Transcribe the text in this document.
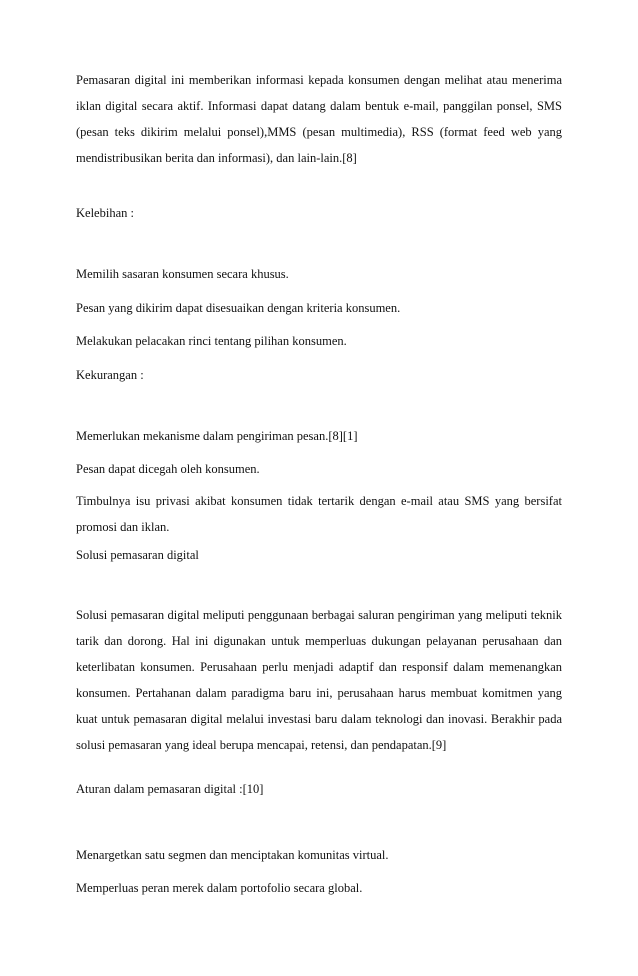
Pemasaran digital ini memberikan informasi kepada konsumen dengan melihat atau menerima iklan digital secara aktif. Informasi dapat datang dalam bentuk e-mail, panggilan ponsel, SMS (pesan teks dikirim melalui ponsel),MMS (pesan multimedia), RSS (format feed web yang mendistribusikan berita dan informasi), dan lain-lain.[8]

Kelebihan :

Memilih sasaran konsumen secara khusus.

Pesan yang dikirim dapat disesuaikan dengan kriteria konsumen.

Melakukan pelacakan rinci tentang pilihan konsumen.

Kekurangan :

Memerlukan mekanisme dalam pengiriman pesan.[8][1]

Pesan dapat dicegah oleh konsumen.

Timbulnya isu privasi akibat konsumen tidak tertarik dengan e-mail atau SMS yang bersifat promosi dan iklan.

Solusi pemasaran digital

Solusi pemasaran digital meliputi penggunaan berbagai saluran pengiriman yang meliputi teknik tarik dan dorong. Hal ini digunakan untuk memperluas dukungan pelayanan perusahaan dan keterlibatan konsumen. Perusahaan perlu menjadi adaptif dan responsif dalam memenangkan konsumen. Pertahanan dalam paradigma baru ini, perusahaan harus membuat komitmen yang kuat untuk pemasaran digital melalui investasi baru dalam teknologi dan inovasi. Berakhir pada solusi pemasaran yang ideal berupa mencapai, retensi, dan pendapatan.[9]

Aturan dalam pemasaran digital :[10]

Menargetkan satu segmen dan menciptakan komunitas virtual.

Memperluas peran merek dalam portofolio secara global.
